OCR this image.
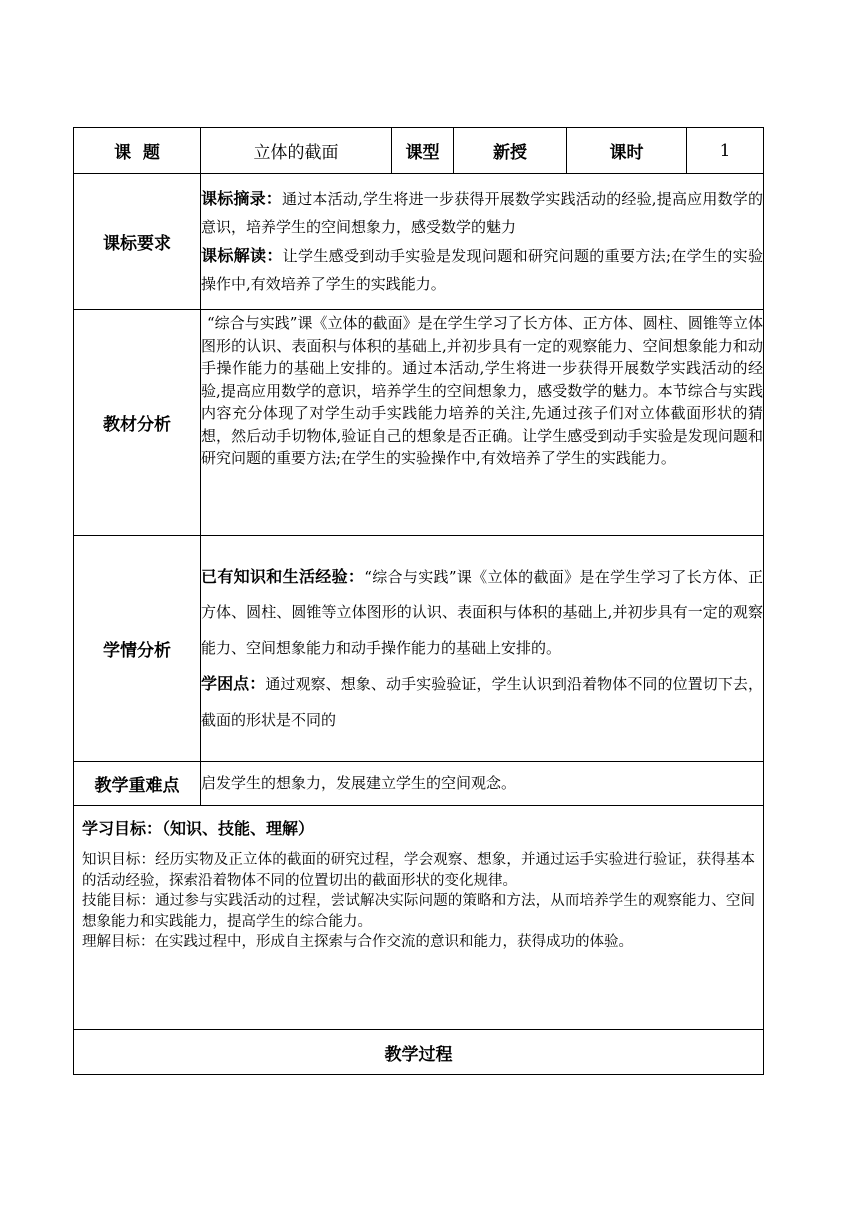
课  题	立体的截面	课型	新授	课时	1
课标要求	课标摘录：通过本活动,学生将进一步获得开展数学实践活动的经验,提高应用数学的意识，培养学生的空间想象力，感受数学的魅力
课标解读：让学生感受到动手实验是发现问题和研究问题的重要方法;在学生的实验操作中,有效培养了学生的实践能力。				

教材分析	“综合与实践”课《立体的截面》是在学生学习了长方体、正方体、圆柱、圆锥等立体图形的认识、表面积与体积的基础上,并初步具有一定的观察能力、空间想象能力和动手操作能力的基础上安排的。通过本活动,学生将进一步获得开展数学实践活动的经验,提高应用数学的意识，培养学生的空间想象力，感受数学的魅力。本节综合与实践内容充分体现了对学生动手实践能力培养的关注,先通过孩子们对立体截面形状的猜想，然后动手切物体,验证自己的想象是否正确。让学生感受到动手实验是发现问题和研究问题的重要方法;在学生的实验操作中,有效培养了学生的实践能力。				

学情分析	已有知识和生活经验：“综合与实践”课《立体的截面》是在学生学习了长方体、正方体、圆柱、圆锥等立体图形的认识、表面积与体积的基础上,并初步具有一定的观察能力、空间想象能力和动手操作能力的基础上安排的。
学困点：通过观察、想象、动手实验验证，学生认识到沿着物体不同的位置切下去，截面的形状是不同的				

教学重难点	启发学生的想象力，发展建立学生的空间观念。				

学习目标：（知识、技能、理解）
知识目标：经历实物及正立体的截面的研究过程，学会观察、想象，并通过运手实验进行验证，获得基本的活动经验，探索沿着物体不同的位置切出的截面形状的变化规律。
技能目标：通过参与实践活动的过程，尝试解决实际问题的策略和方法，从而培养学生的观察能力、空间想象能力和实践能力，提高学生的综合能力。
理解目标：在实践过程中，形成自主探索与合作交流的意识和能力，获得成功的体验。					

教学过程					
